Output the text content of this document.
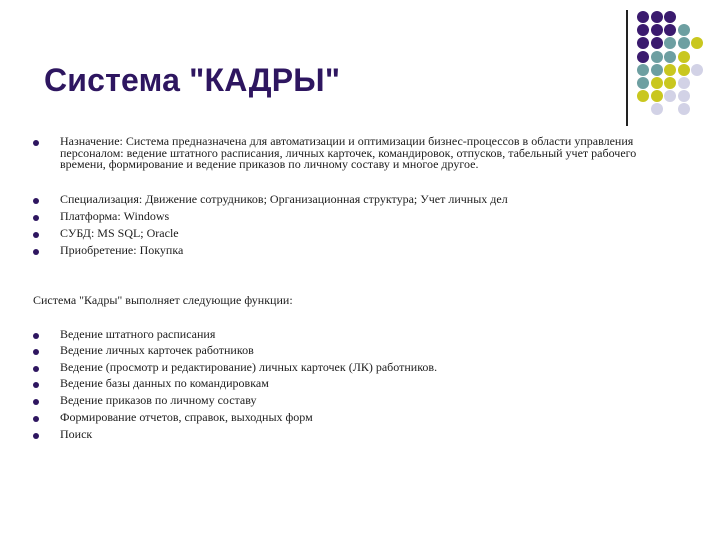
Система "КАДРЫ"
Назначение: Система предназначена для автоматизации и оптимизации бизнес-процессов в области управления персоналом: ведение штатного расписания, личных карточек, командировок, отпусков, табельный учет рабочего времени, формирование и ведение приказов по личному составу и многое другое.
Специализация: Движение сотрудников; Организационная структура; Учет личных дел
Платформа: Windows
СУБД: MS SQL; Oracle
Приобретение: Покупка
Система "Кадры" выполняет следующие функции:
Ведение штатного расписания
Ведение личных карточек работников
Ведение (просмотр и редактирование) личных карточек (ЛК) работников.
Ведение базы данных по командировкам
Ведение приказов по личному составу
Формирование отчетов, справок, выходных форм
Поиск
